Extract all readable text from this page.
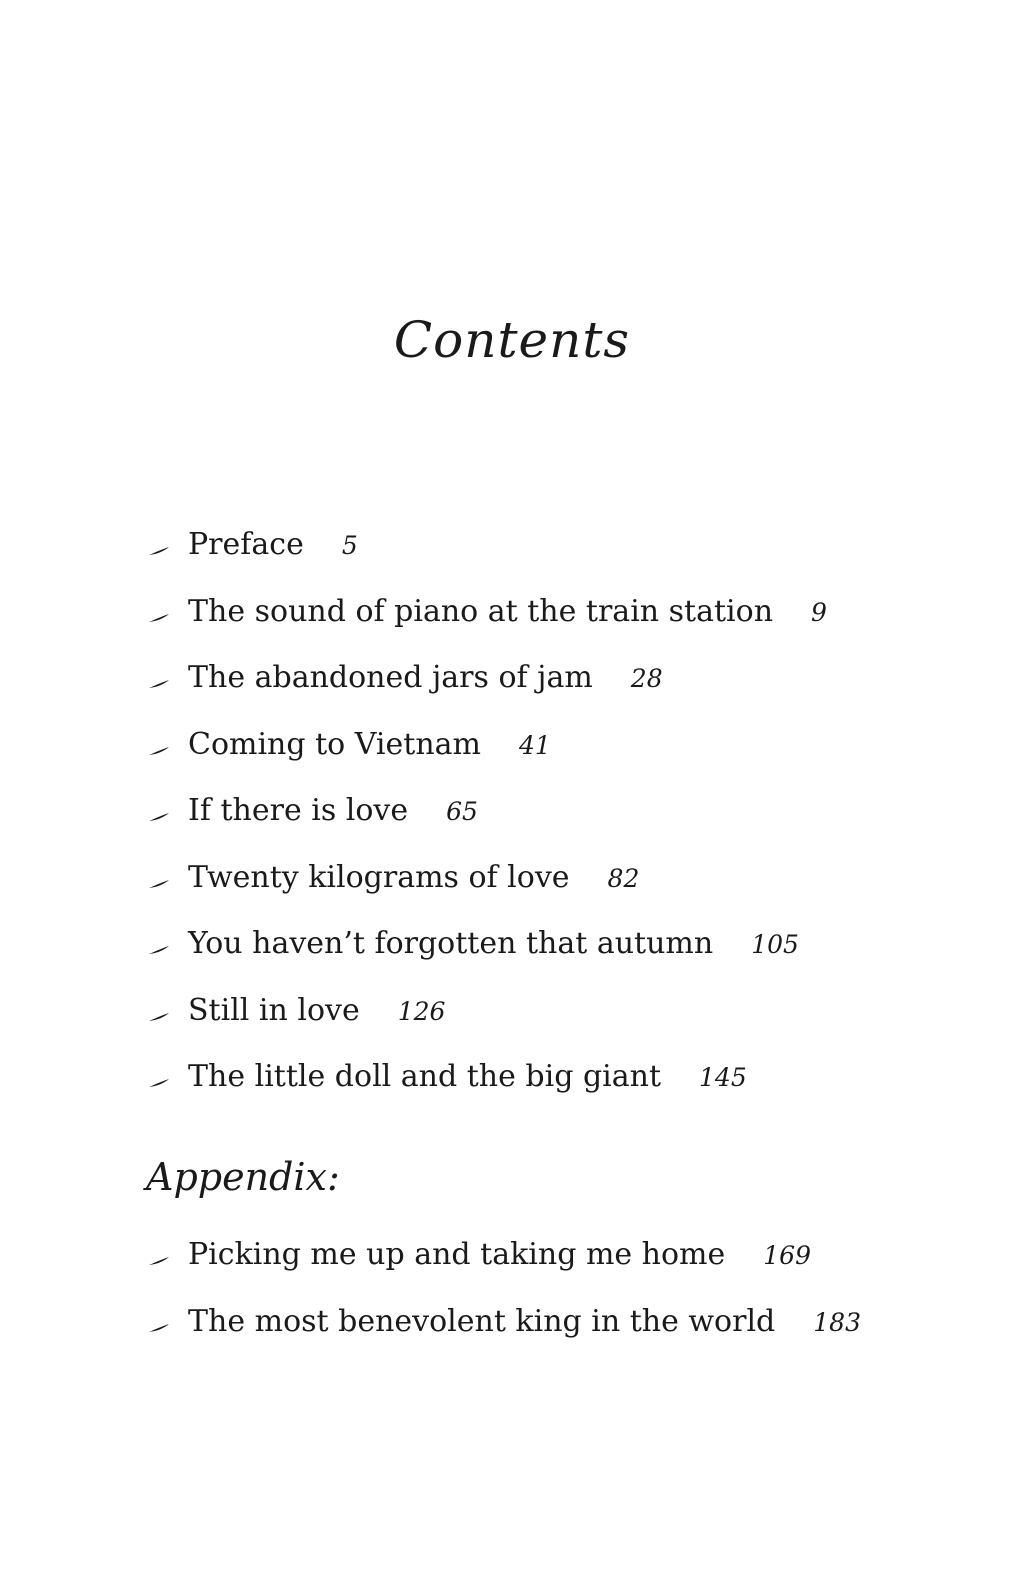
Contents
Preface 5
The sound of piano at the train station 9
The abandoned jars of jam 28
Coming to Vietnam 41
If there is love 65
Twenty kilograms of love 82
You haven’t forgotten that autumn 105
Still in love 126
The little doll and the big giant 145
Appendix:
Picking me up and taking me home 169
The most benevolent king in the world 183
